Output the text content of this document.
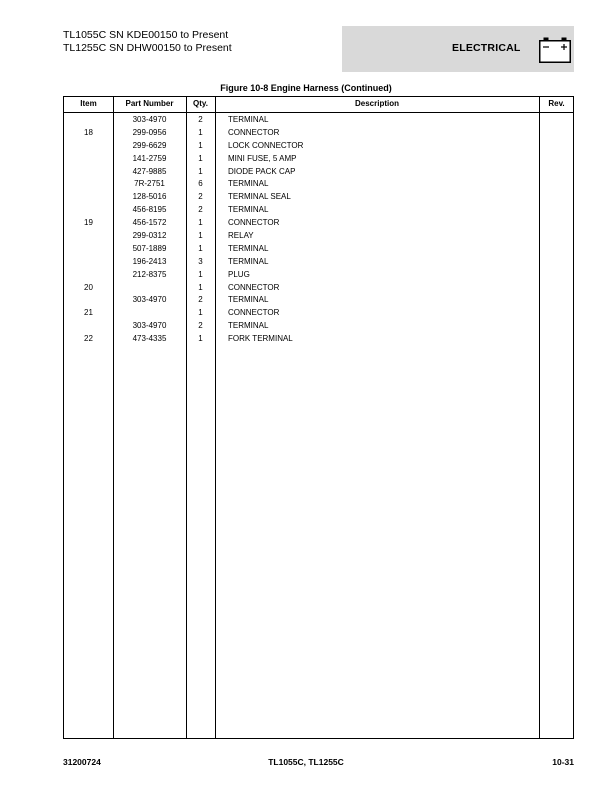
TL1055C SN KDE00150 to Present
TL1255C SN DHW00150 to Present	ELECTRICAL
Figure 10-8 Engine Harness (Continued)
Item	Part Number	Qty.	Description	Rev.
303-4970	2	TERMINAL
18	299-0956	1	CONNECTOR
299-6629	1	LOCK CONNECTOR
141-2759	1	MINI FUSE, 5 AMP
427-9885	1	DIODE PACK CAP
7R-2751	6	TERMINAL
128-5016	2	TERMINAL SEAL
456-8195	2	TERMINAL
19	456-1572	1	CONNECTOR
299-0312	1	RELAY
507-1889	1	TERMINAL
196-2413	3	TERMINAL
212-8375	1	PLUG
20	1	CONNECTOR
303-4970	2	TERMINAL
21	1	CONNECTOR
303-4970	2	TERMINAL
22	473-4335	1	FORK TERMINAL
31200724	TL1055C, TL1255C	10-31
